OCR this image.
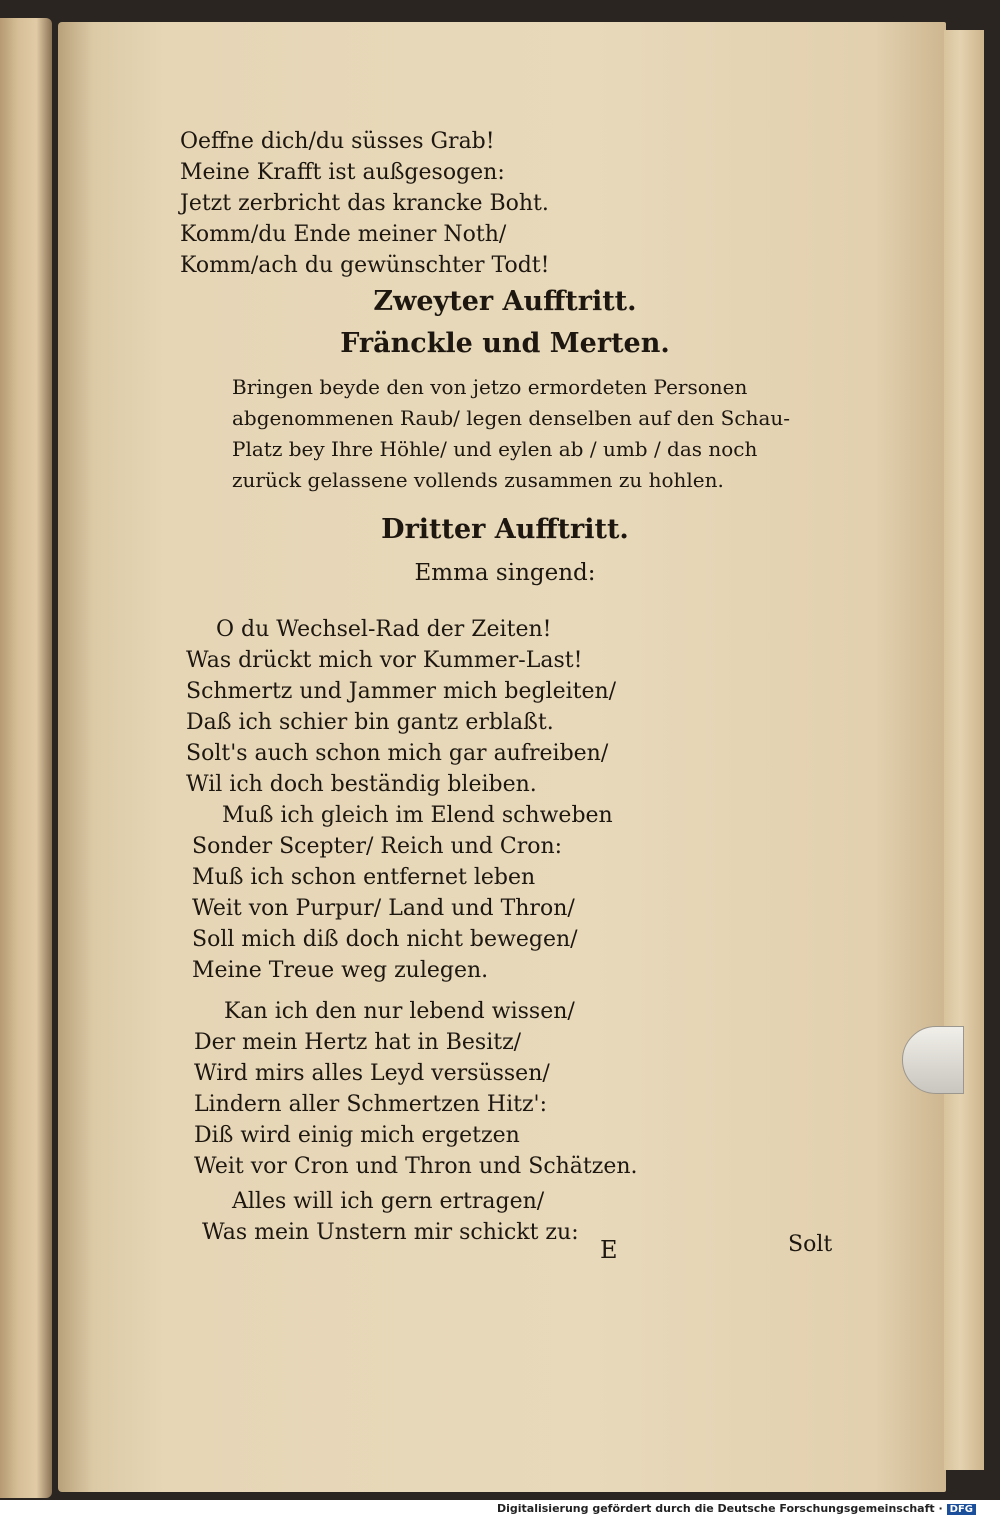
Oeffne dich/du süsses Grab!
Meine Krafft ist außgesogen:
Jetzt zerbricht das krancke Boht.
Komm/du Ende meiner Noth/
Komm/ach du gewünschter Todt!
Zweyter Aufftritt.
Fränckle und Merten.
Bringen beyde den von jetzo ermordeten Personen abgenommenen Raub/ legen denselben auf den Schau-Platz bey Ihre Höhle/ und eylen ab / umb / das noch zurück gelassene vollends zusammen zu hohlen.
Dritter Aufftritt.
Emma singend:
O du Wechsel-Rad der Zeiten!
Was drückt mich vor Kummer-Last!
Schmertz und Jammer mich begleiten/
Daß ich schier bin gantz erblaßt.
Solt's auch schon mich gar aufreiben/
Wil ich doch beständig bleiben.
Muß ich gleich im Elend schweben
Sonder Scepter/ Reich und Cron:
Muß ich schon entfernet leben
Weit von Purpur/ Land und Thron/
Soll mich diß doch nicht bewegen/
Meine Treue weg zulegen.
Kan ich den nur lebend wissen/
Der mein Hertz hat in Besitz/
Wird mirs alles Leyd versüssen/
Lindern aller Schmertzen Hitz':
Diß wird einig mich ergetzen
Weit vor Cron und Thron und Schätzen.
Alles will ich gern ertragen/
Was mein Unstern mir schickt zu:
E	Solt
Digitalisierung gefördert durch die Deutsche Forschungsgemeinschaft · DFG
